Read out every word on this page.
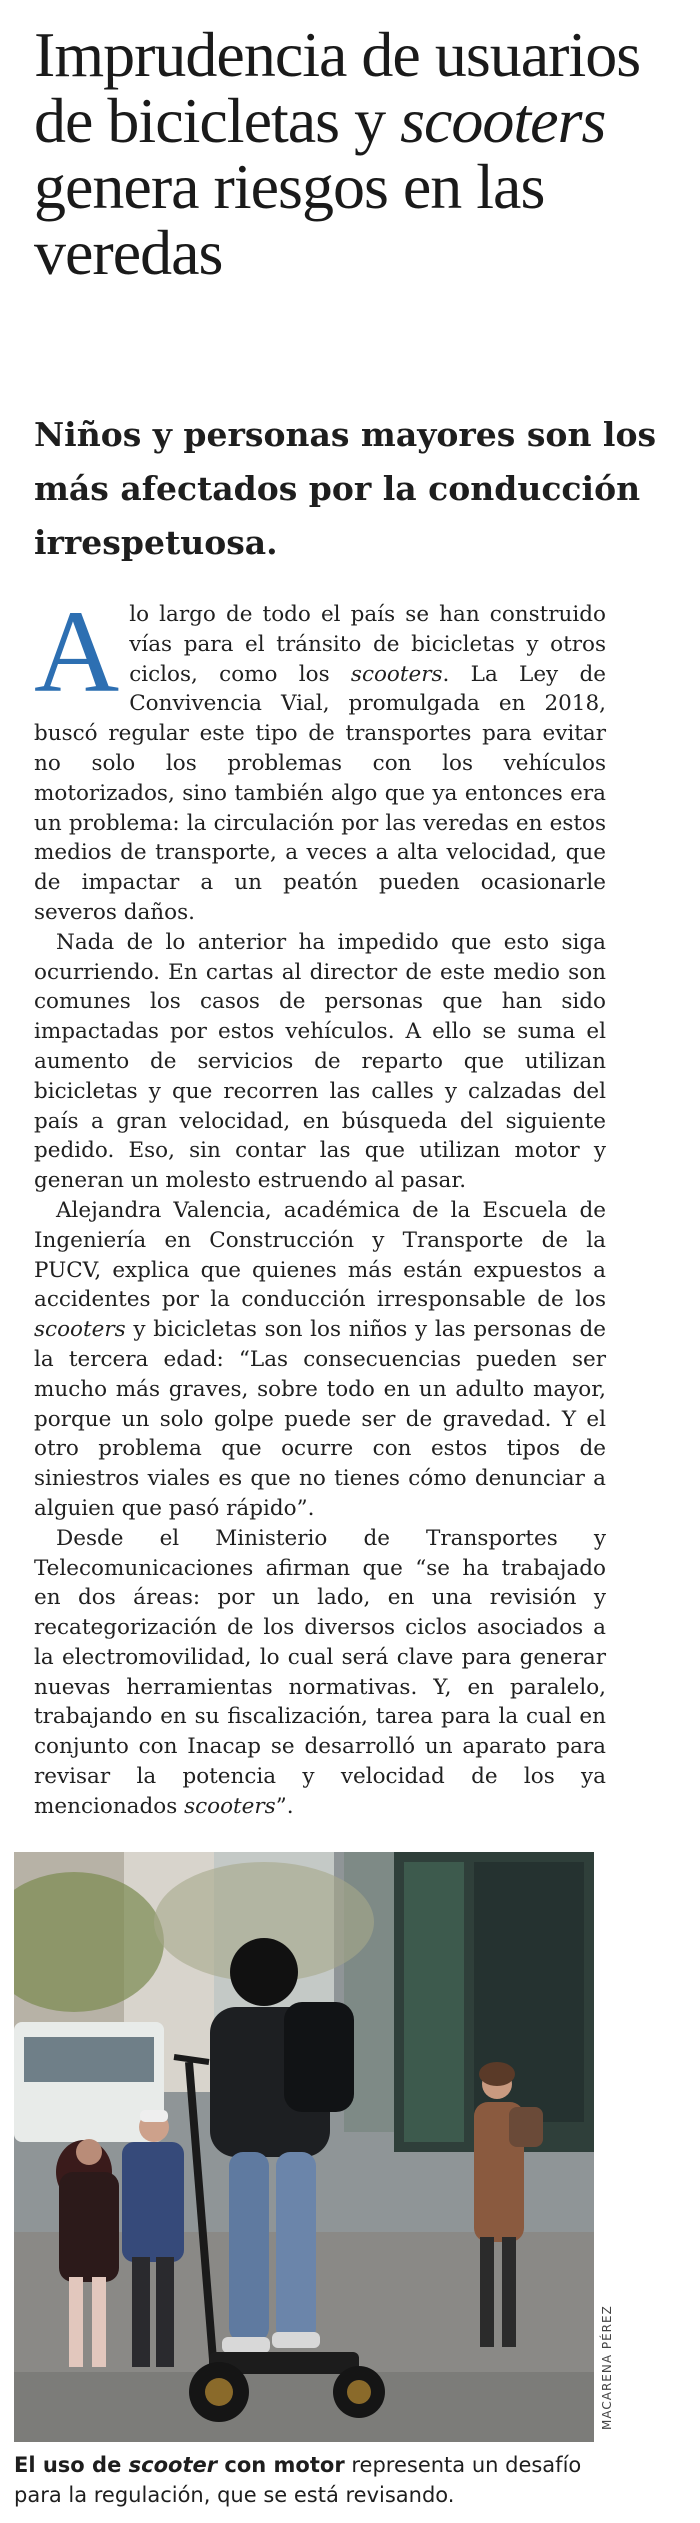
Imprudencia de usuarios de bicicletas y scooters genera riesgos en las veredas
Niños y personas mayores son los más afectados por la conducción irrespetuosa.

Alo largo de todo el país se han construido vías para el tránsito de bicicletas y otros ciclos, como los scooters. La Ley de Convivencia Vial, promulgada en 2018, buscó regular este tipo de transportes para evitar no solo los problemas con los vehículos motorizados, sino también algo que ya entonces era un problema: la circulación por las veredas en estos medios de transporte, a veces a alta velocidad, que de impactar a un peatón pueden ocasionarle severos daños.

Nada de lo anterior ha impedido que esto siga ocurriendo. En cartas al director de este medio son comunes los casos de personas que han sido impactadas por estos vehículos. A ello se suma el aumento de servicios de reparto que utilizan bicicletas y que recorren las calles y calzadas del país a gran velocidad, en búsqueda del siguiente pedido. Eso, sin contar las que utilizan motor y generan un molesto estruendo al pasar.

Alejandra Valencia, académica de la Escuela de Ingeniería en Construcción y Transporte de la PUCV, explica que quienes más están expuestos a accidentes por la conducción irresponsable de los scooters y bicicletas son los niños y las personas de la tercera edad: “Las consecuencias pueden ser mucho más graves, sobre todo en un adulto mayor, porque un solo golpe puede ser de gravedad. Y el otro problema que ocurre con estos tipos de siniestros viales es que no tienes cómo denunciar a alguien que pasó rápido”.

Desde el Ministerio de Transportes y Telecomunicaciones afirman que “se ha trabajado en dos áreas: por un lado, en una revisión y recategorización de los diversos ciclos asociados a la electromovilidad, lo cual será clave para generar nuevas herramientas normativas. Y, en paralelo, trabajando en su fiscalización, tarea para la cual en conjunto con Inacap se desarrolló un aparato para revisar la potencia y velocidad de los ya mencionados scooters”.

MACARENA PÉREZ
El uso de scooter con motor representa un desafío para la regulación, que se está revisando.
